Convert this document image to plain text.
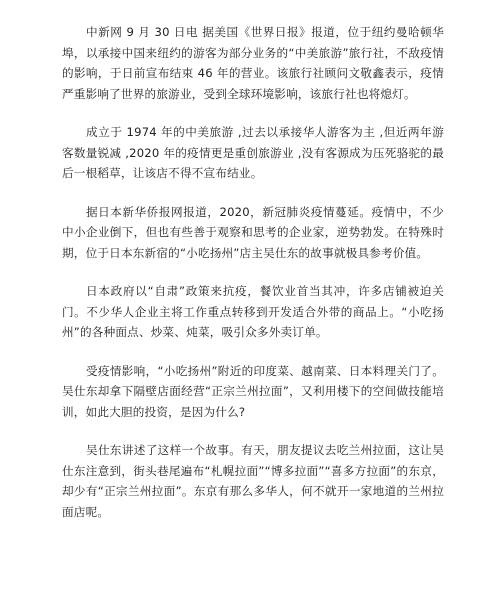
中新网 9 月 30 日电 据美国《世界日报》报道，位于纽约曼哈顿华埠，以承接中国来纽约的游客为部分业务的“中美旅游”旅行社，不敌疫情的影响，于日前宣布结束 46 年的营业。该旅行社顾问文敬鑫表示，疫情严重影响了世界的旅游业，受到全球环境影响，该旅行社也将熄灯。

成立于 1974 年的中美旅游 ,过去以承接华人游客为主 ,但近两年游客数量锐减 ,2020 年的疫情更是重创旅游业 ,没有客源成为压死骆驼的最后一根稻草，让该店不得不宣布结业。

据日本新华侨报网报道，2020，新冠肺炎疫情蔓延。疫情中，不少中小企业倒下，但也有些善于观察和思考的企业家，逆势勃发。在特殊时期，位于日本东新宿的“小吃扬州”店主吴仕东的故事就极具参考价值。

日本政府以“自肃”政策来抗疫，餐饮业首当其冲，许多店铺被迫关门。不少华人企业主将工作重点转移到开发适合外带的商品上。“小吃扬州”的各种面点、炒菜、炖菜，吸引众多外卖订单。

受疫情影响，“小吃扬州”附近的印度菜、越南菜、日本料理关门了。吴仕东却拿下隔壁店面经营“正宗兰州拉面”，又利用楼下的空间做技能培训，如此大胆的投资，是因为什么?

吴仕东讲述了这样一个故事。有天，朋友提议去吃兰州拉面，这让吴仕东注意到，街头巷尾遍布“札幌拉面”“博多拉面”“喜多方拉面”的东京，却少有“正宗兰州拉面”。东京有那么多华人，何不就开一家地道的兰州拉面店呢。
